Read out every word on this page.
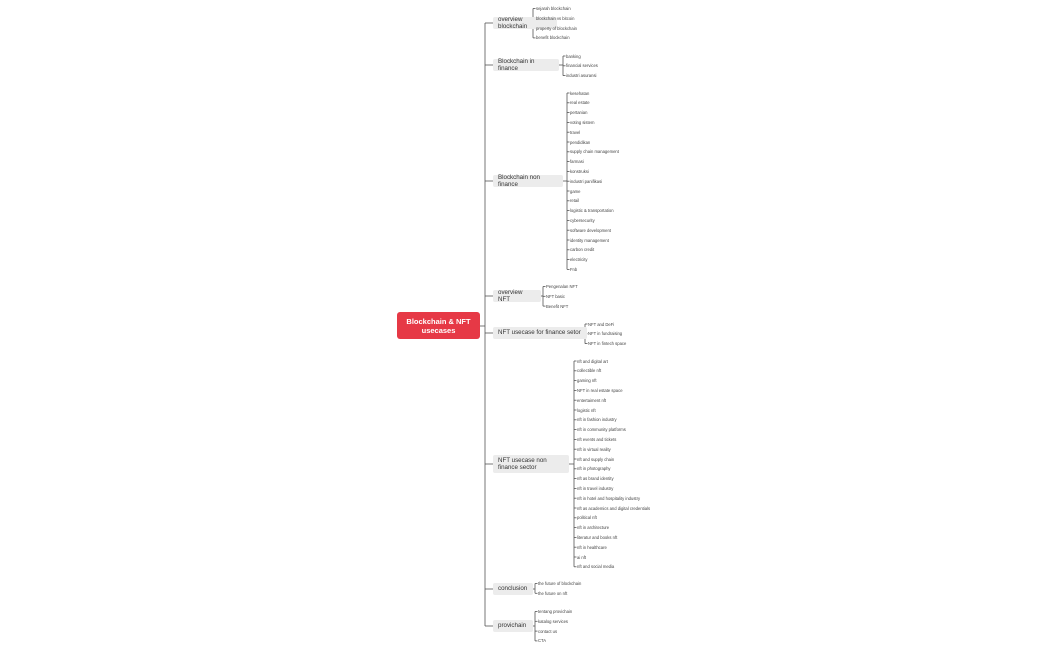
Blockchain & NFT usecases
overview blockchain
sejarah blockchain
blockchain vs bitcoin
property of blockchain
benefit blockchain
Blockchain in finance
banking
financial services
industri asuransi
Blockchain non finance
kesehatan
real estate
pertanian
voting sistem
travel
pendidikan
supply chain management
farmasi
konstruksi
industri panifikasi
game
retail
logistic & transportation
cybersecurity
software development
identity management
carbon credit
electricity
Fnb
overview NFT
Pengenalan NFT
NFT basic
Benefit NFT
NFT usecase for finance setor
NFT and DeFi
NFT in fundraising
NFT in fintech space
NFT usecase non finance sector
nft and digital art
collectible nft
gaming nft
NFT in real estate space
entertaiment nft
logistic nft
nft in fashion industry
nft in community platforms
nft events and tickets
nft in virtual reality
nft and supply chain
nft in photography
nft as brand identity
nft in travel industry
nft in hotel and hospitality industry
nft as academics and digital credentials
political nft
nft in architecture
literatur and books nft
nft in healthcare
ai nft
nft and social media
conclusion
the future of blockchain
the future on nft
provichain
tentang provichain
katalog services
contact us
CTA
